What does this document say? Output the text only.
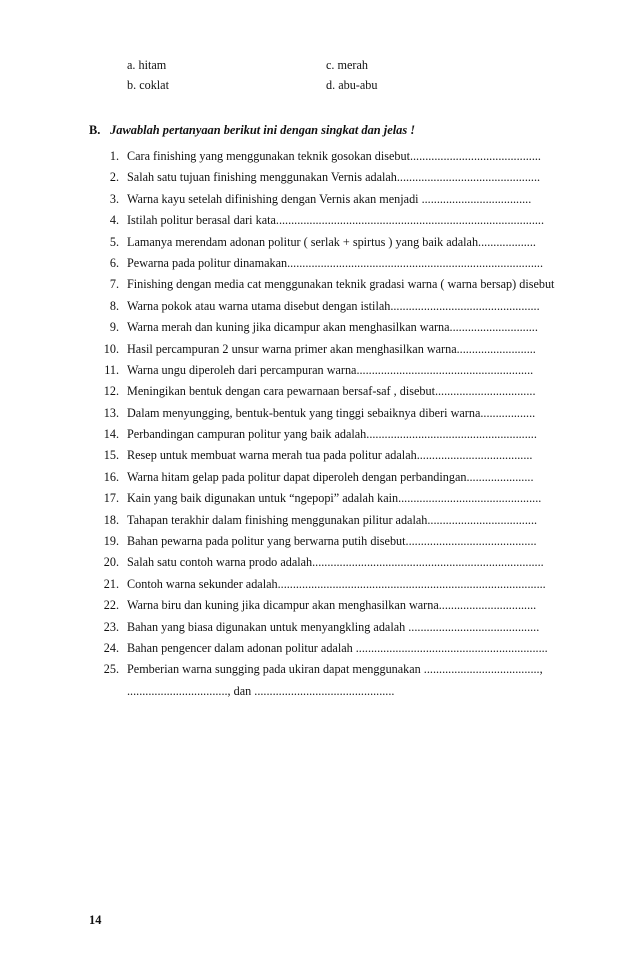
a. hitam	c. merah
b. coklat	d. abu-abu
B. Jawablah pertanyaan berikut ini dengan singkat dan jelas !
1. Cara finishing yang menggunakan teknik gosokan disebut...........................................
2. Salah satu tujuan finishing menggunakan Vernis adalah...............................................
3. Warna kayu setelah difinishing dengan Vernis akan menjadi ....................................
4. Istilah politur berasal dari kata........................................................................................
5. Lamanya merendam adonan politur ( serlak + spirtus ) yang baik adalah...................
6. Pewarna pada politur dinamakan....................................................................................
7. Finishing dengan media cat menggunakan teknik gradasi warna ( warna bersap) disebut
8. Warna pokok atau warna utama disebut dengan istilah.................................................
9. Warna merah dan kuning jika dicampur akan menghasilkan warna.............................
10. Hasil percampuran 2 unsur warna primer akan menghasilkan warna..........................
11. Warna ungu diperoleh dari percampuran warna..........................................................
12. Meningikan bentuk dengan cara pewarnaan bersaf-saf , disebut.................................
13. Dalam menyungging, bentuk-bentuk yang tinggi sebaiknya diberi warna..................
14. Perbandingan campuran politur yang baik adalah........................................................
15. Resep untuk membuat warna merah tua pada politur adalah......................................
16. Warna hitam gelap pada politur dapat diperoleh dengan perbandingan......................
17. Kain yang baik digunakan untuk “ngepopi” adalah kain...............................................
18. Tahapan terakhir dalam finishing menggunakan pilitur adalah....................................
19. Bahan pewarna pada politur yang berwarna putih disebut...........................................
20. Salah satu contoh warna prodo adalah............................................................................
21. Contoh warna sekunder adalah........................................................................................
22. Warna biru dan kuning jika dicampur akan menghasilkan warna................................
23. Bahan yang biasa digunakan untuk menyangkling adalah ...........................................
24. Bahan pengencer dalam adonan politur adalah ...............................................................
25. Pemberian warna sungging pada ukiran dapat menggunakan ......................................,
................................., dan ..............................................
14
